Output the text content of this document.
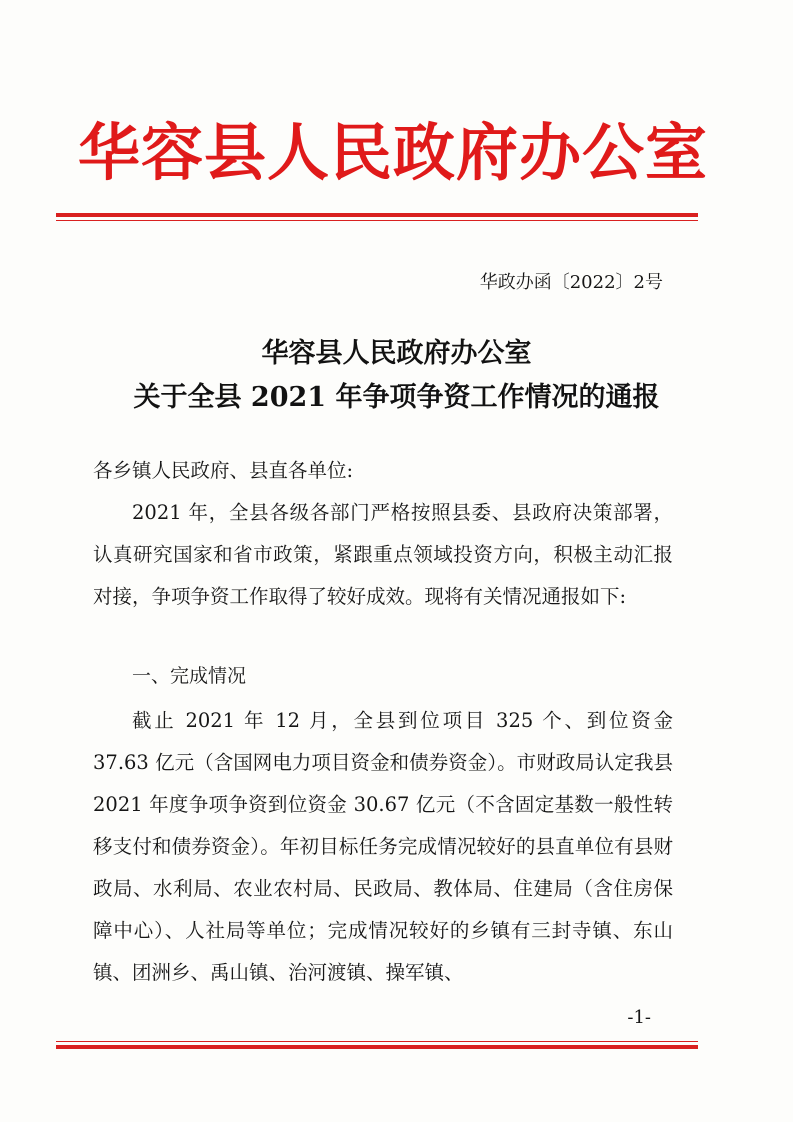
华容县人民政府办公室
华政办函〔2022〕2号
华容县人民政府办公室
关于全县 2021 年争项争资工作情况的通报
各乡镇人民政府、县直各单位:

2021 年，全县各级各部门严格按照县委、县政府决策部署，认真研究国家和省市政策，紧跟重点领域投资方向，积极主动汇报对接，争项争资工作取得了较好成效。现将有关情况通报如下:

一、完成情况

截止 2021 年 12 月，全县到位项目 325 个、到位资金 37.63 亿元（含国网电力项目资金和债券资金）。市财政局认定我县 2021 年度争项争资到位资金 30.67 亿元（不含固定基数一般性转移支付和债券资金）。年初目标任务完成情况较好的县直单位有县财政局、水利局、农业农村局、民政局、教体局、住建局（含住房保障中心）、人社局等单位；完成情况较好的乡镇有三封寺镇、东山镇、团洲乡、禹山镇、治河渡镇、操军镇、

-1-
